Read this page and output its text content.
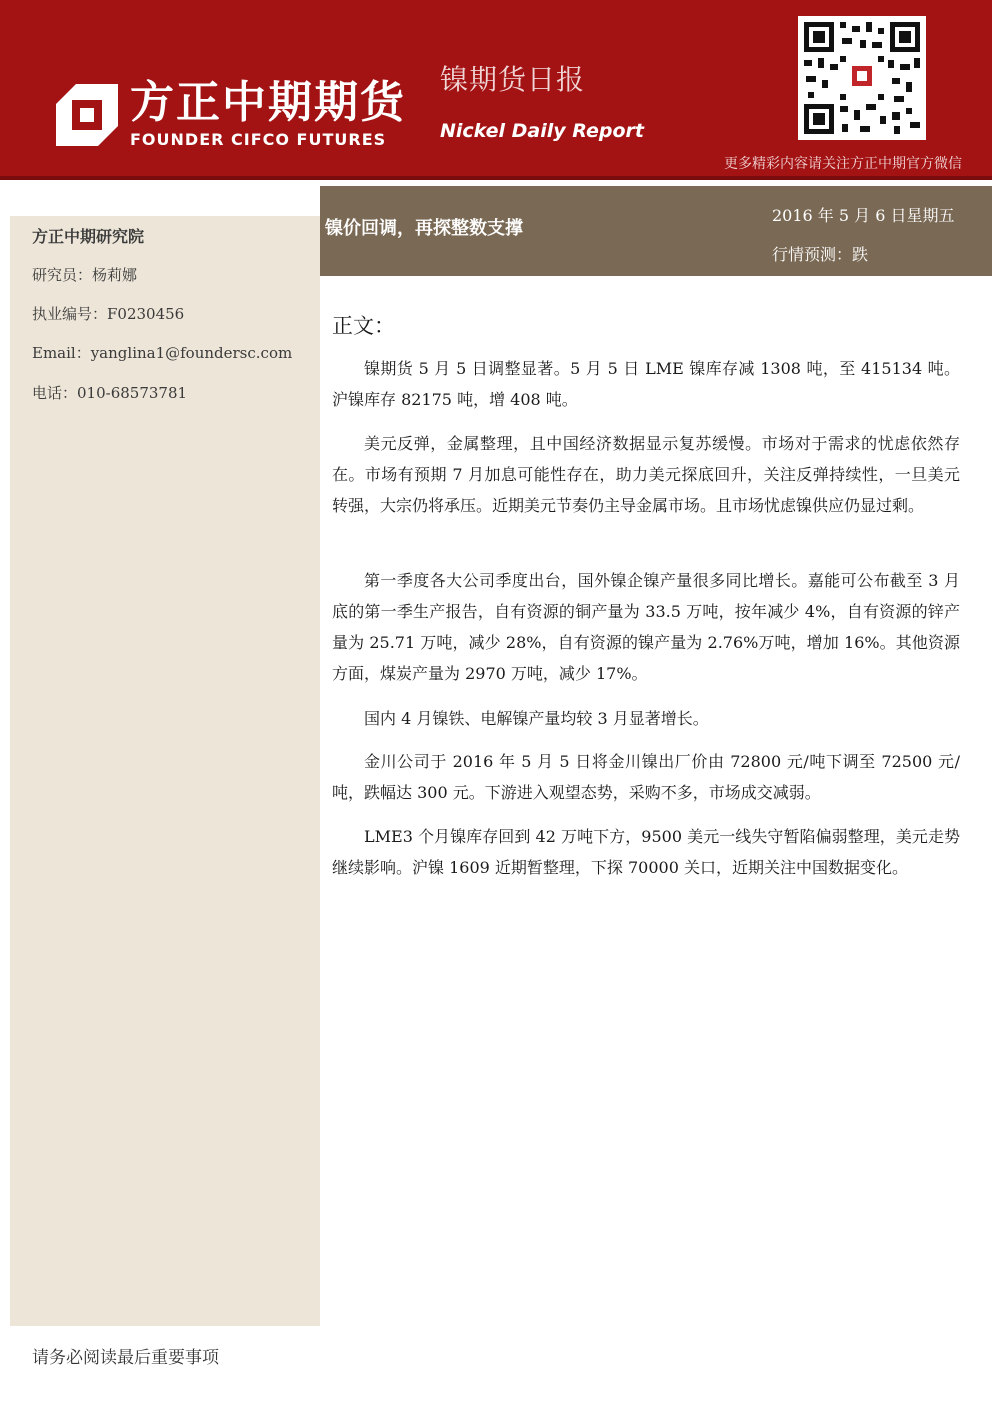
方正中期期货
FOUNDER CIFCO FUTURES
镍期货日报
Nickel Daily Report
更多精彩内容请关注方正中期官方微信
方正中期研究院
研究员：杨莉娜
执业编号：F0230456
Email：yanglina1@foundersc.com
电话：010-68573781
镍价回调，再探整数支撑
2016 年 5 月 6 日星期五
行情预测：跌
正文：
镍期货 5 月 5 日调整显著。5 月 5 日 LME 镍库存减 1308 吨，至 415134 吨。沪镍库存 82175 吨，增 408 吨。
美元反弹，金属整理，且中国经济数据显示复苏缓慢。市场对于需求的忧虑依然存在。市场有预期 7 月加息可能性存在，助力美元探底回升，关注反弹持续性，一旦美元转强，大宗仍将承压。近期美元节奏仍主导金属市场。且市场忧虑镍供应仍显过剩。
第一季度各大公司季度出台，国外镍企镍产量很多同比增长。嘉能可公布截至 3 月底的第一季生产报告，自有资源的铜产量为 33.5 万吨，按年减少 4%，自有资源的锌产量为 25.71 万吨，减少 28%，自有资源的镍产量为 2.76%万吨，增加 16%。其他资源方面，煤炭产量为 2970 万吨，减少 17%。
国内 4 月镍铁、电解镍产量均较 3 月显著增长。
金川公司于 2016 年 5 月 5 日将金川镍出厂价由 72800 元/吨下调至 72500 元/吨，跌幅达 300 元。下游进入观望态势，采购不多，市场成交减弱。
LME3 个月镍库存回到 42 万吨下方，9500 美元一线失守暂陷偏弱整理，美元走势继续影响。沪镍 1609 近期暂整理，下探 70000 关口，近期关注中国数据变化。
请务必阅读最后重要事项
